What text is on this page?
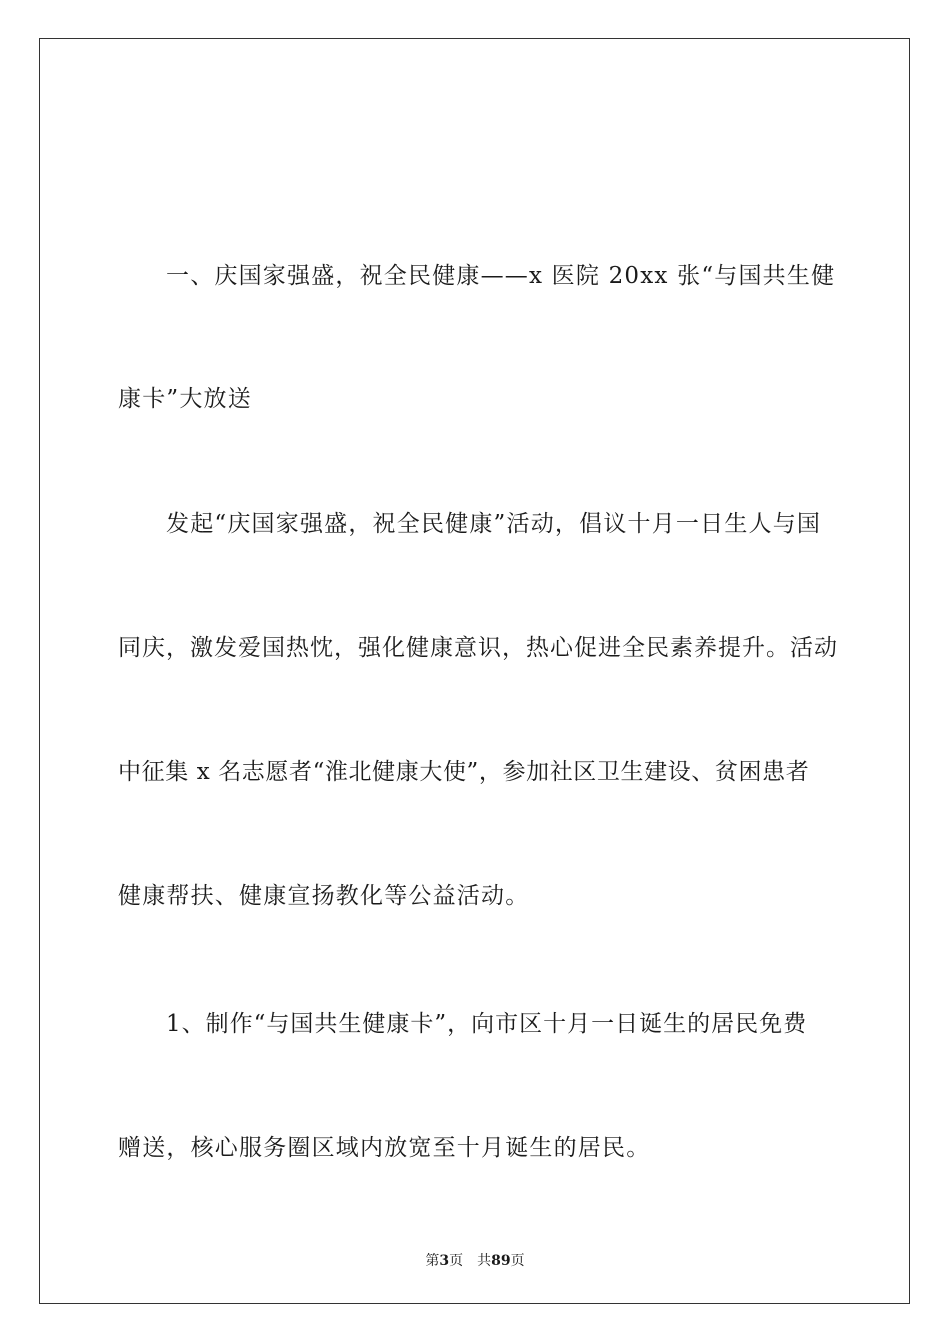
一、庆国家强盛，祝全民健康——x 医院 20xx 张“与国共生健

康卡”大放送

发起“庆国家强盛，祝全民健康”活动，倡议十月一日生人与国

同庆，激发爱国热忱，强化健康意识，热心促进全民素养提升。活动

中征集 x 名志愿者“淮北健康大使”，参加社区卫生建设、贫困患者

健康帮扶、健康宣扬教化等公益活动。

1、制作“与国共生健康卡”，向市区十月一日诞生的居民免费

赠送，核心服务圈区域内放宽至十月诞生的居民。

第3页 共89页
